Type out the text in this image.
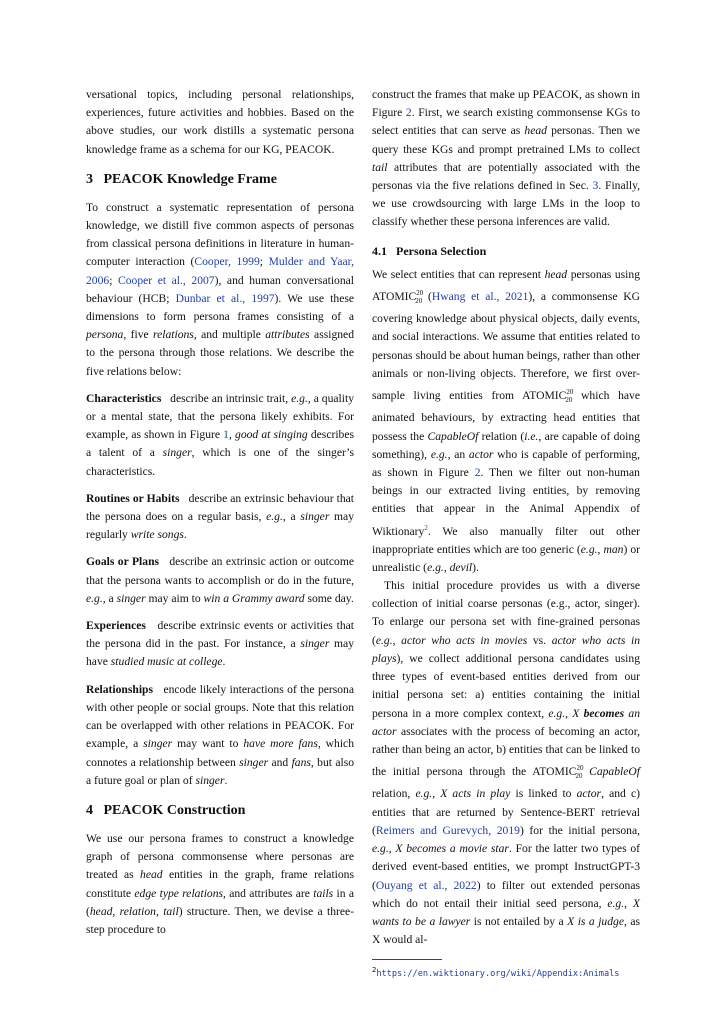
versational topics, including personal relationships, experiences, future activities and hobbies. Based on the above studies, our work distills a systematic persona knowledge frame as a schema for our KG, PEACOK.

3 PEACOK Knowledge Frame

To construct a systematic representation of persona knowledge, we distill five common aspects of personas from classical persona definitions in literature in human-computer interaction (Cooper, 1999; Mulder and Yaar, 2006; Cooper et al., 2007), and human conversational behaviour (HCB; Dunbar et al., 1997). We use these dimensions to form persona frames consisting of a persona, five relations, and multiple attributes assigned to the persona through those relations. We describe the five relations below:

Characteristics   describe an intrinsic trait, e.g., a quality or a mental state, that the persona likely exhibits. For example, as shown in Figure 1, good at singing describes a talent of a singer, which is one of the singer’s characteristics.

Routines or Habits   describe an extrinsic behaviour that the persona does on a regular basis, e.g., a singer may regularly write songs.

Goals or Plans   describe an extrinsic action or outcome that the persona wants to accomplish or do in the future, e.g., a singer may aim to win a Grammy award some day.

Experiences   describe extrinsic events or activities that the persona did in the past. For instance, a singer may have studied music at college.

Relationships   encode likely interactions of the persona with other people or social groups. Note that this relation can be overlapped with other relations in PEACOK. For example, a singer may want to have more fans, which connotes a relationship between singer and fans, but also a future goal or plan of singer.

4 PEACOK Construction

We use our persona frames to construct a knowledge graph of persona commonsense where personas are treated as head entities in the graph, frame relations constitute edge type relations, and attributes are tails in a (head, relation, tail) structure. Then, we devise a three-step procedure to

construct the frames that make up PEACOK, as shown in Figure 2. First, we search existing commonsense KGs to select entities that can serve as head personas. Then we query these KGs and prompt pretrained LMs to collect tail attributes that are potentially associated with the personas via the five relations defined in Sec. 3. Finally, we use crowdsourcing with large LMs in the loop to classify whether these persona inferences are valid.

4.1 Persona Selection

We select entities that can represent head personas using $ATOMIC^{20}_{20}$ (Hwang et al., 2021), a commonsense KG covering knowledge about physical objects, daily events, and social interactions. We assume that entities related to personas should be about human beings, rather than other animals or non-living objects. Therefore, we first over-sample living entities from $ATOMIC^{20}_{20}$ which have animated behaviours, by extracting head entities that possess the CapableOf relation (i.e., are capable of doing something), e.g., an actor who is capable of performing, as shown in Figure 2. Then we filter out non-human beings in our extracted living entities, by removing entities that appear in the Animal Appendix of Wiktionary$^2$. We also manually filter out other inappropriate entities which are too generic (e.g., man) or unrealistic (e.g., devil).

This initial procedure provides us with a diverse collection of initial coarse personas (e.g., actor, singer). To enlarge our persona set with fine-grained personas (e.g., actor who acts in movies vs. actor who acts in plays), we collect additional persona candidates using three types of event-based entities derived from our initial persona set: a) entities containing the initial persona in a more complex context, e.g., X becomes an actor associates with the process of becoming an actor, rather than being an actor, b) entities that can be linked to the initial persona through the $ATOMIC^{20}_{20}$ CapableOf relation, e.g., X acts in play is linked to actor, and c) entities that are returned by Sentence-BERT retrieval (Reimers and Gurevych, 2019) for the initial persona, e.g., X becomes a movie star. For the latter two types of derived event-based entities, we prompt InstructGPT-3 (Ouyang et al., 2022) to filter out extended personas which do not entail their initial seed persona, e.g., X wants to be a lawyer is not entailed by a X is a judge, as X would al-

$^2$https://en.wiktionary.org/wiki/Appendix:Animals
